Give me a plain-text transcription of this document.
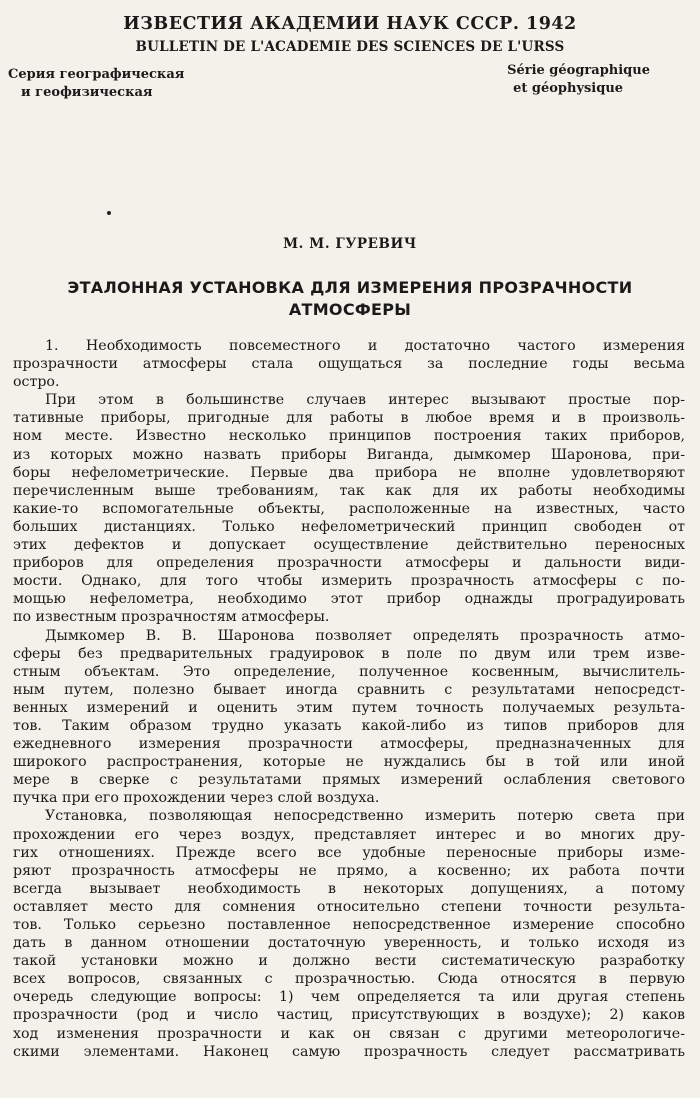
ИЗВЕСТИЯ АКАДЕМИИ НАУК СССР. 1942
BULLETIN DE L'ACADEMIE DES SCIENCES DE L'URSS
Серия географическая
и геофизическая
Série géographique
et géophysique
М. М. ГУРЕВИЧ
ЭТАЛОННАЯ УСТАНОВКА ДЛЯ ИЗМЕРЕНИЯ ПРОЗРАЧНОСТИ
АТМОСФЕРЫ
1. Необходимость повсеместного и достаточно частого измерения
прозрачности атмосферы стала ощущаться за последние годы весьма
остро.
При этом в большинстве случаев интерес вызывают простые пор-
тативные приборы, пригодные для работы в любое время и в произволь-
ном месте. Известно несколько принципов построения таких приборов,
из которых можно назвать приборы Виганда, дымкомер Шаронова, при-
боры нефелометрические. Первые два прибора не вполне удовлетворяют
перечисленным выше требованиям, так как для их работы необходимы
какие-то вспомогательные объекты, расположенные на известных, часто
больших дистанциях. Только нефелометрический принцип свободен от
этих дефектов и допускает осуществление действительно переносных
приборов для определения прозрачности атмосферы и дальности види-
мости. Однако, для того чтобы измерить прозрачность атмосферы с по-
мощью нефелометра, необходимо этот прибор однажды проградуировать
по известным прозрачностям атмосферы.
Дымкомер В. В. Шаронова позволяет определять прозрачность атмо-
сферы без предварительных градуировок в поле по двум или трем изве-
стным объектам. Это определение, полученное косвенным, вычислитель-
ным путем, полезно бывает иногда сравнить с результатами непосредст-
венных измерений и оценить этим путем точность получаемых результа-
тов. Таким образом трудно указать какой-либо из типов приборов для
ежедневного измерения прозрачности атмосферы, предназначенных для
широкого распространения, которые не нуждались бы в той или иной
мере в сверке с результатами прямых измерений ослабления светового
пучка при его прохождении через слой воздуха.
Установка, позволяющая непосредственно измерить потерю света при
прохождении его через воздух, представляет интерес и во многих дру-
гих отношениях. Прежде всего все удобные переносные приборы изме-
ряют прозрачность атмосферы не прямо, а косвенно; их работа почти
всегда вызывает необходимость в некоторых допущениях, а потому
оставляет место для сомнения относительно степени точности результа-
тов. Только серьезно поставленное непосредственное измерение способно
дать в данном отношении достаточную уверенность, и только исходя из
такой установки можно и должно вести систематическую разработку
всех вопросов, связанных с прозрачностью. Сюда относятся в первую
очередь следующие вопросы: 1) чем определяется та или другая степень
прозрачности (род и число частиц, присутствующих в воздухе); 2) каков
ход изменения прозрачности и как он связан с другими метеорологиче-
скими элементами. Наконец самую прозрачность следует рассматривать
